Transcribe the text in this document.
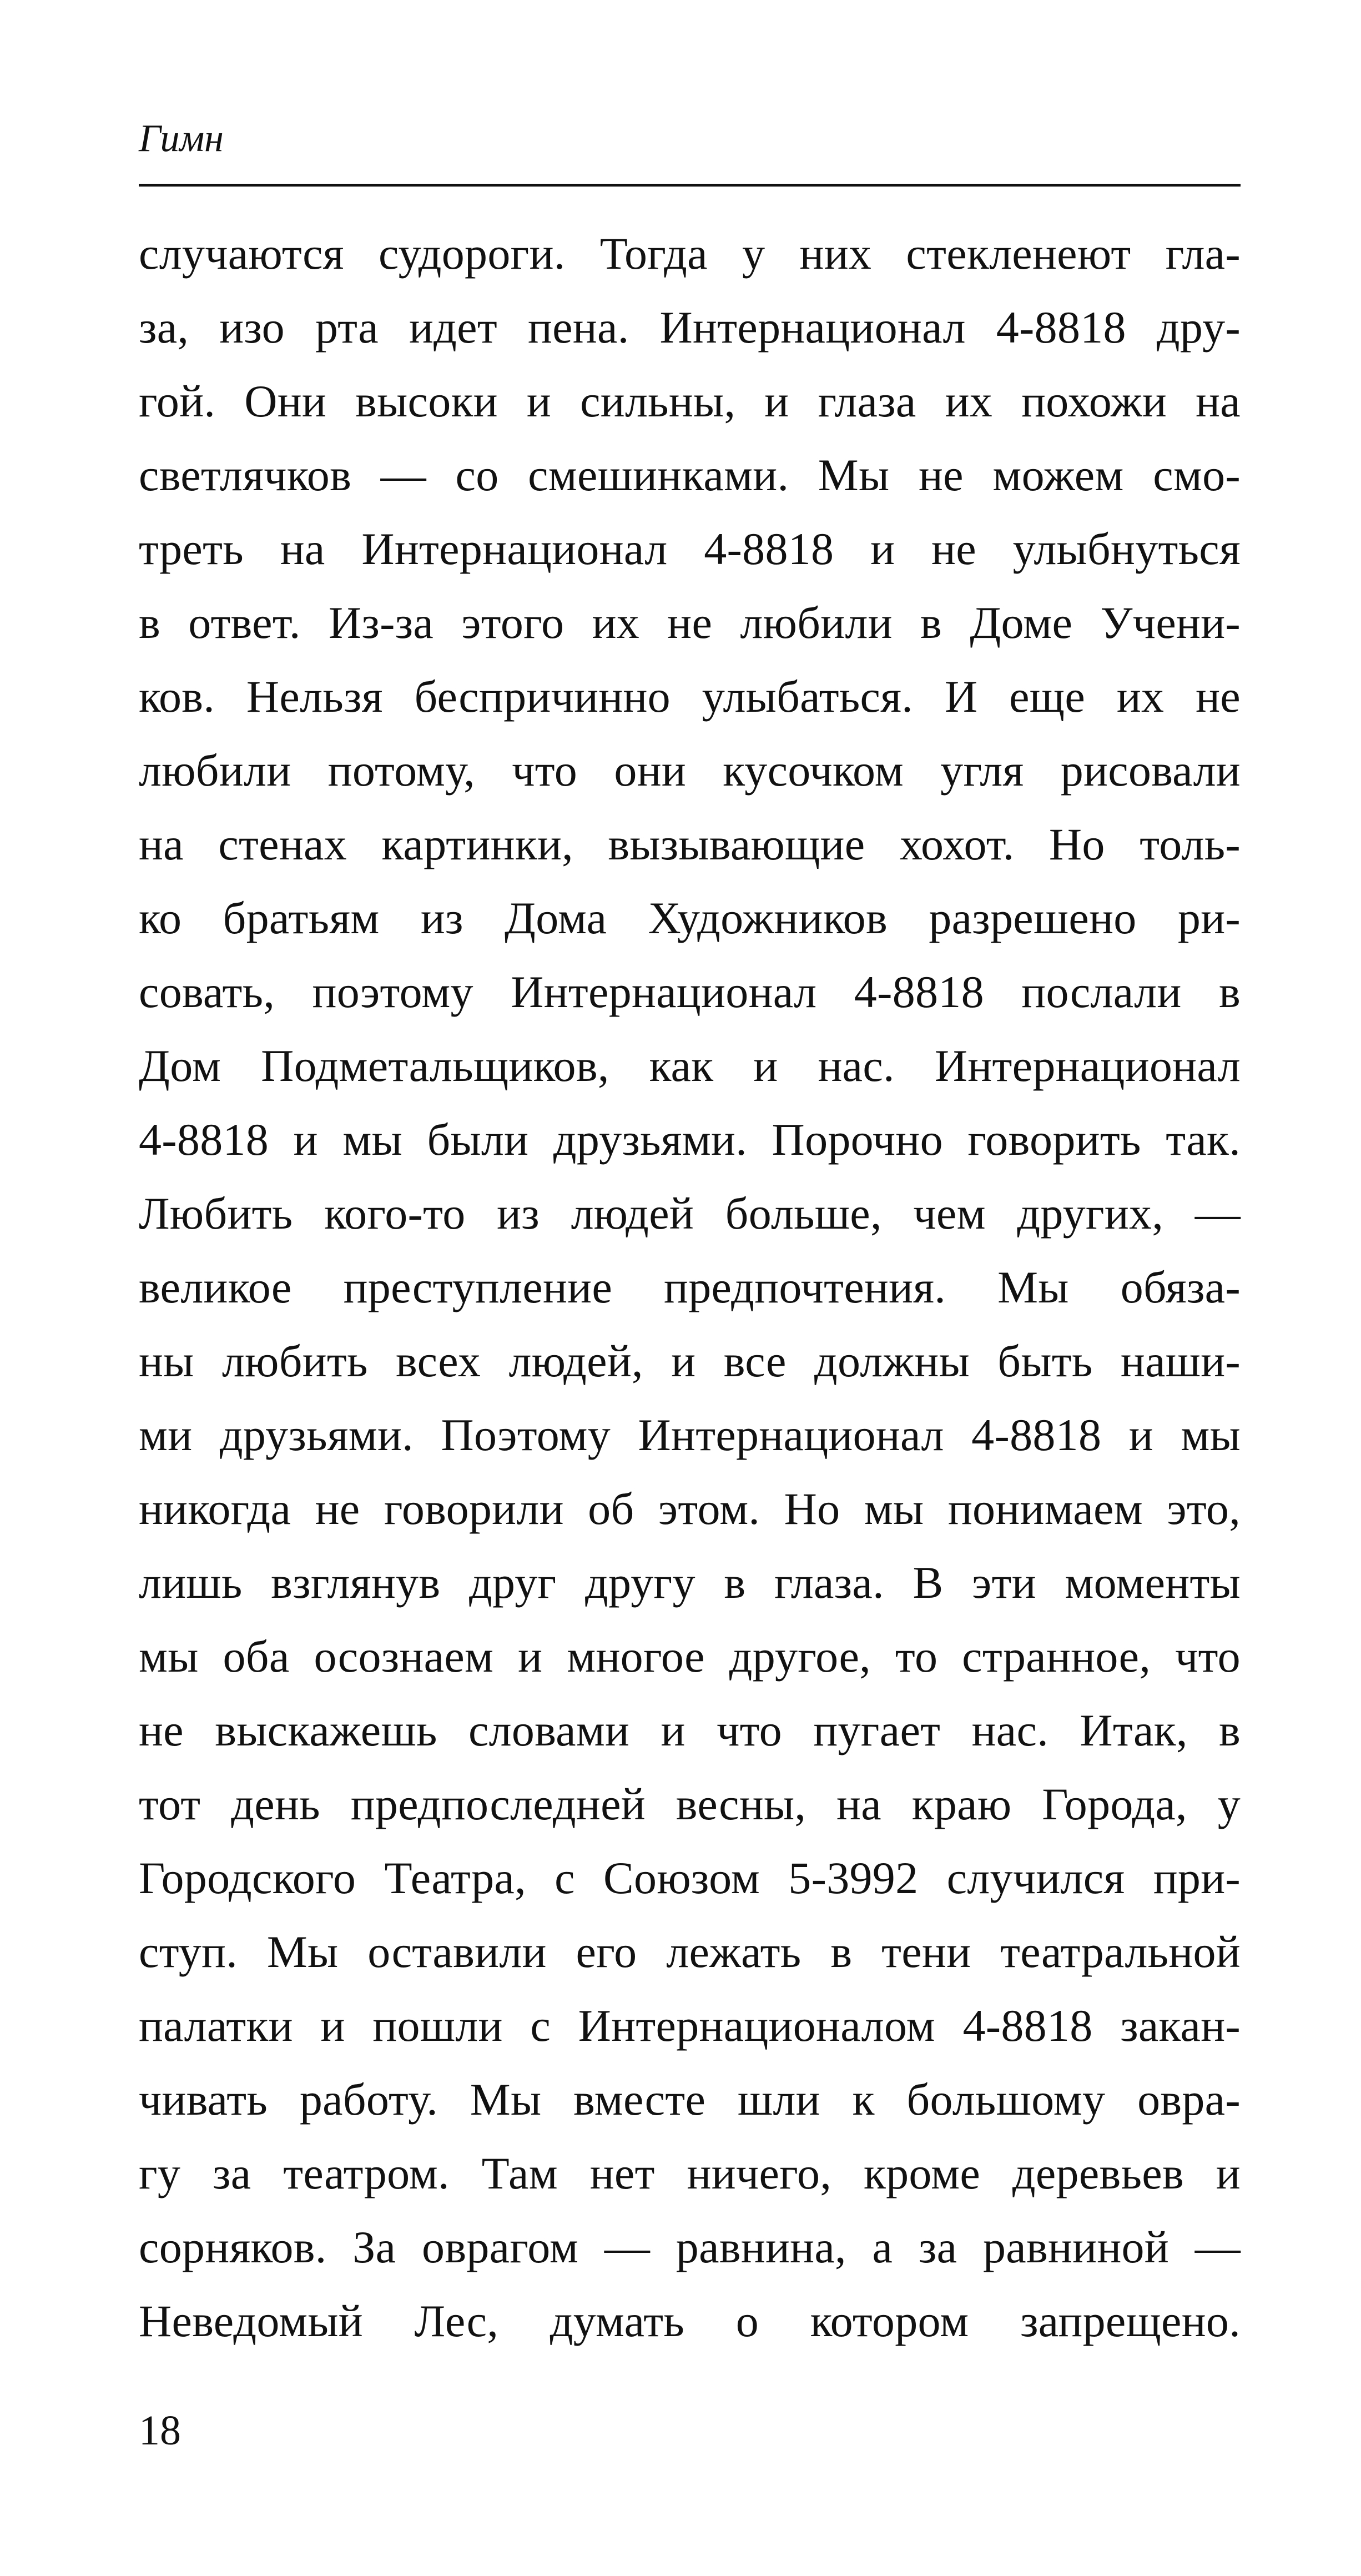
Гимн
случаются судороги. Тогда у них стекленеют гла-
за, изо рта идет пена. Интернационал 4-8818 дру-
гой. Они высоки и сильны, и глаза их похожи на
светлячков — со смешинками. Мы не можем смо-
треть на Интернационал 4-8818 и не улыбнуться
в ответ. Из-за этого их не любили в Доме Учени-
ков. Нельзя беспричинно улыбаться. И еще их не
любили потому, что они кусочком угля рисовали
на стенах картинки, вызывающие хохот. Но толь-
ко братьям из Дома Художников разрешено ри-
совать, поэтому Интернационал 4-8818 послали в
Дом Подметальщиков, как и нас. Интернационал
4-8818 и мы были друзьями. Порочно говорить так.
Любить кого-то из людей больше, чем других, —
великое преступление предпочтения. Мы обяза-
ны любить всех людей, и все должны быть наши-
ми друзьями. Поэтому Интернационал 4-8818 и мы
никогда не говорили об этом. Но мы понимаем это,
лишь взглянув друг другу в глаза. В эти моменты
мы оба осознаем и многое другое, то странное, что
не выскажешь словами и что пугает нас. Итак, в
тот день предпоследней весны, на краю Города, у
Городского Театра, с Союзом 5-3992 случился при-
ступ. Мы оставили его лежать в тени театральной
палатки и пошли с Интернационалом 4-8818 закан-
чивать работу. Мы вместе шли к большому овра-
гу за театром. Там нет ничего, кроме деревьев и
сорняков. За оврагом — равнина, а за равниной —
Неведомый Лес, думать о котором запрещено.
18
